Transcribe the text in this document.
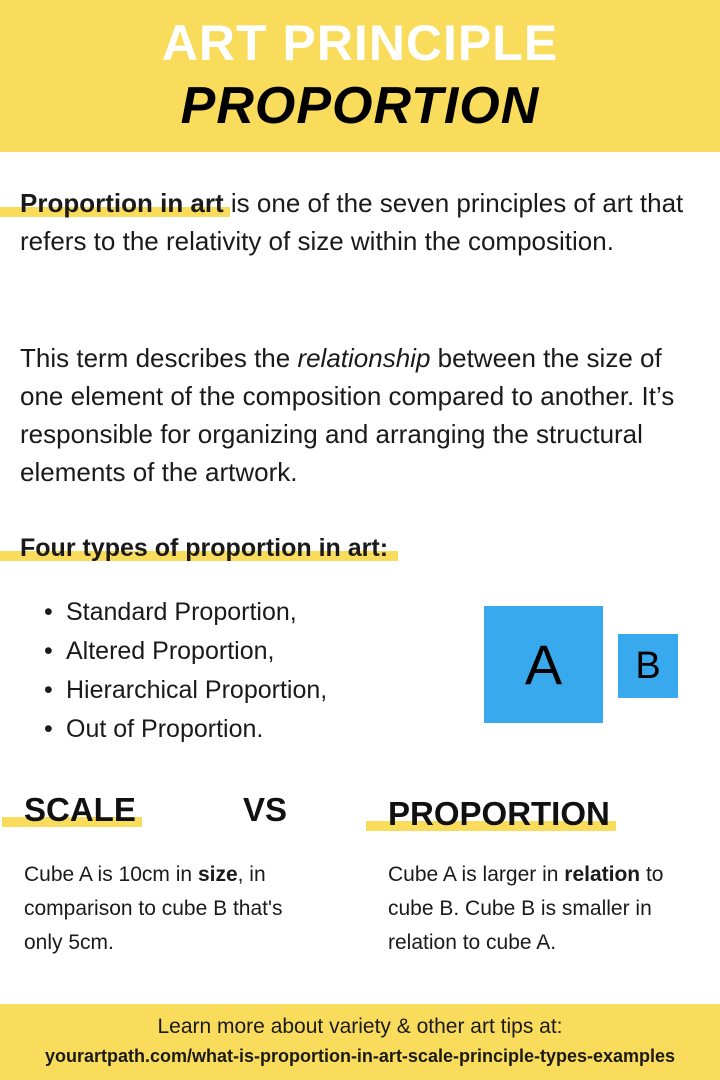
ART PRINCIPLE
PROPORTION
Proportion in art is one of the seven principles of art that refers to the relativity of size within the composition.
This term describes the relationship between the size of one element of the composition compared to another. It’s responsible for organizing and arranging the structural elements of the artwork.
Four types of proportion in art:
• Standard Proportion,
• Altered Proportion,
• Hierarchical Proportion,
• Out of Proportion.
A B
SCALE	VS	PROPORTION
Cube A is 10cm in size, in comparison to cube B that's only 5cm.
Cube A is larger in relation to cube B. Cube B is smaller in relation to cube A.
Learn more about variety & other art tips at:
yourartpath.com/what-is-proportion-in-art-scale-principle-types-examples
